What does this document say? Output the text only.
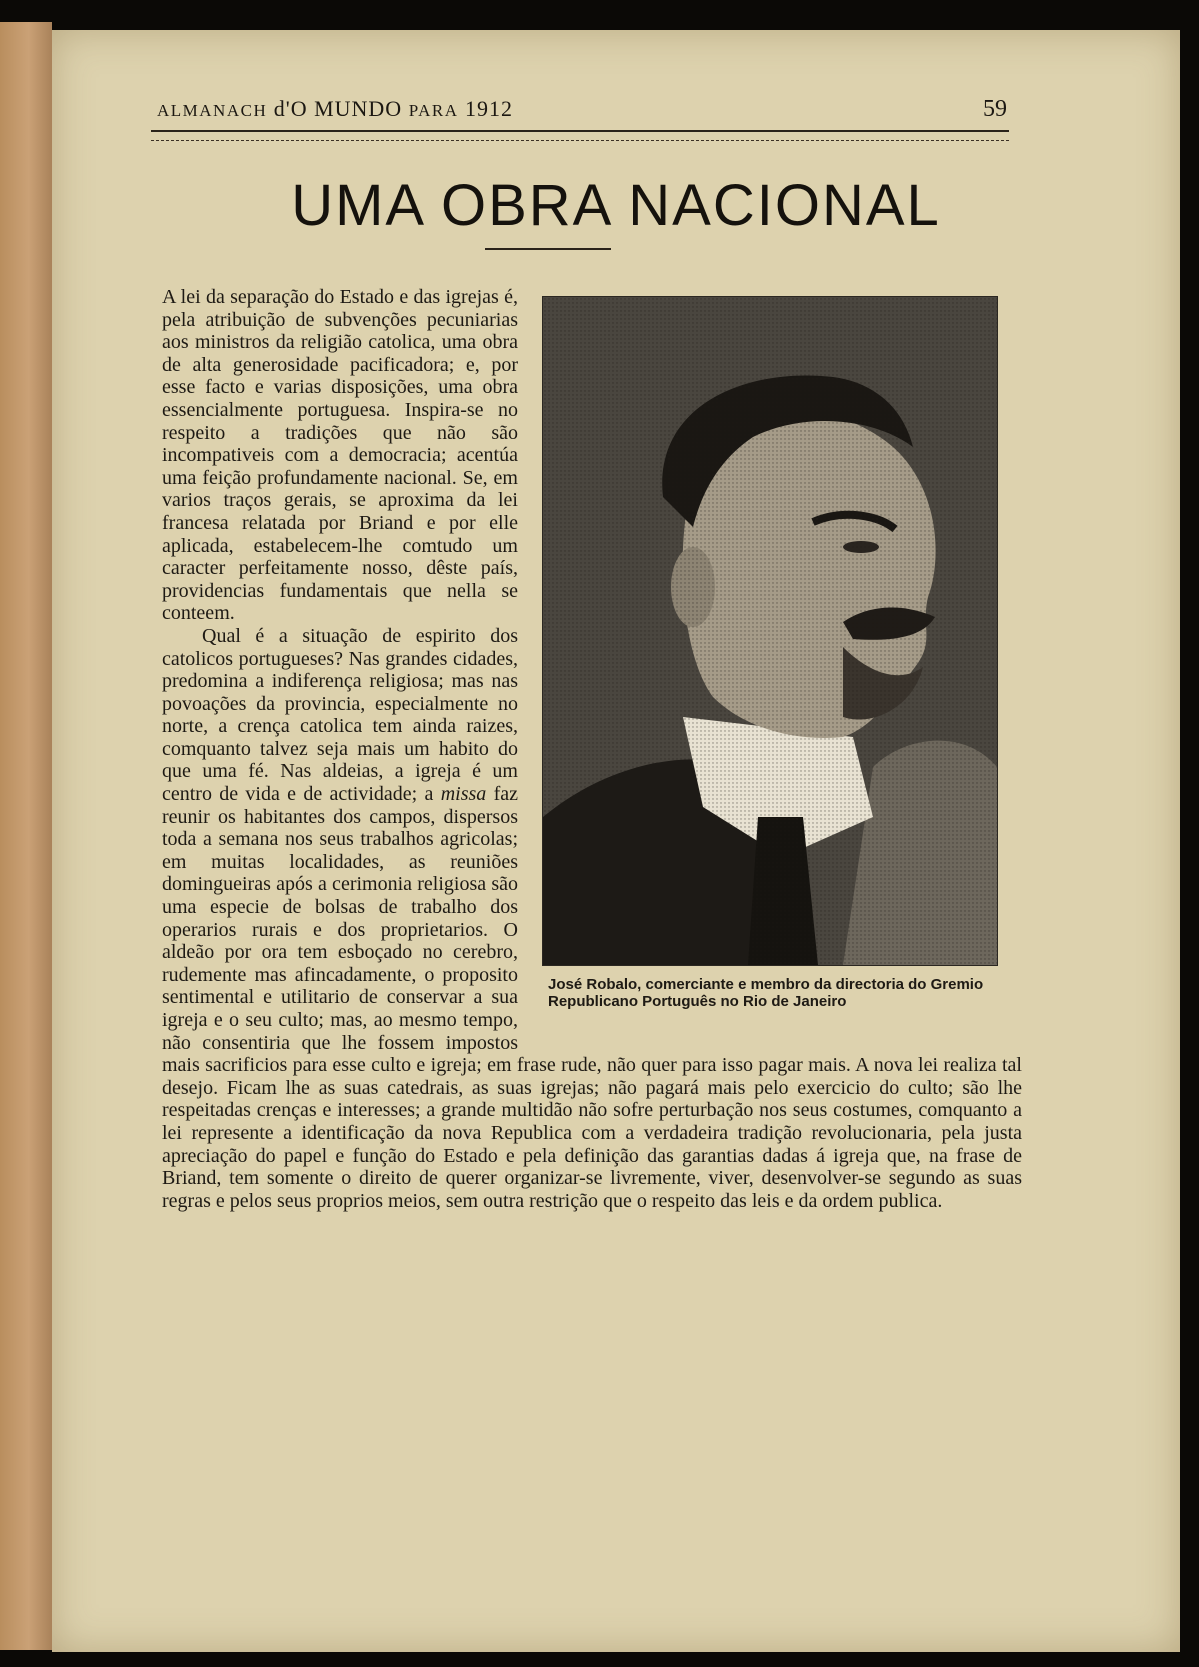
ALMANACH d'O MUNDO PARA 1912	59
UMA OBRA NACIONAL
José Robalo, comerciante e membro da directoria do Gremio Republicano Português no Rio de Janeiro
A lei da separação do Estado e das igrejas é, pela atribuição de subvenções pecuniarias aos ministros da religião catolica, uma obra de alta generosidade pacificadora; e, por esse facto e varias disposições, uma obra essencialmente portuguesa. Inspira-se no respeito a tradições que não são incompativeis com a democracia; acentúa uma feição profundamente nacional. Se, em varios traços gerais, se aproxima da lei francesa relatada por Briand e por elle aplicada, estabelecem-lhe comtudo um caracter perfeitamente nosso, dêste país, providencias fundamentais que nella se conteem.
Qual é a situação de espirito dos catolicos portugueses? Nas grandes cidades, predomina a indiferença religiosa; mas nas povoações da provincia, especialmente no norte, a crença catolica tem ainda raizes, comquanto talvez seja mais um habito do que uma fé. Nas aldeias, a igreja é um centro de vida e de actividade; a missa faz reunir os habitantes dos campos, dispersos toda a semana nos seus trabalhos agricolas; em muitas localidades, as reuniões domingueiras após a cerimonia religiosa são uma especie de bolsas de trabalho dos operarios rurais e dos proprietarios. O aldeão por ora tem esboçado no cerebro, rudemente mas afincadamente, o proposito sentimental e utilitario de conservar a sua igreja e o seu culto; mas, ao mesmo tempo, não consentiria que lhe fossem impostos mais sacrificios para esse culto e igreja; em frase rude, não quer para isso pagar mais. A nova lei realiza tal desejo. Ficam lhe as suas catedrais, as suas igrejas; não pagará mais pelo exercicio do culto; são lhe respeitadas crenças e interesses; a grande multidão não sofre perturbação nos seus costumes, comquanto a lei represente a identificação da nova Republica com a verdadeira tradição revolucionaria, pela justa apreciação do papel e função do Estado e pela definição das garantias dadas á igreja que, na frase de Briand, tem somente o direito de querer organizar-se livremente, viver, desenvolver-se segundo as suas regras e pelos seus proprios meios, sem outra restrição que o respeito das leis e da ordem publica.
